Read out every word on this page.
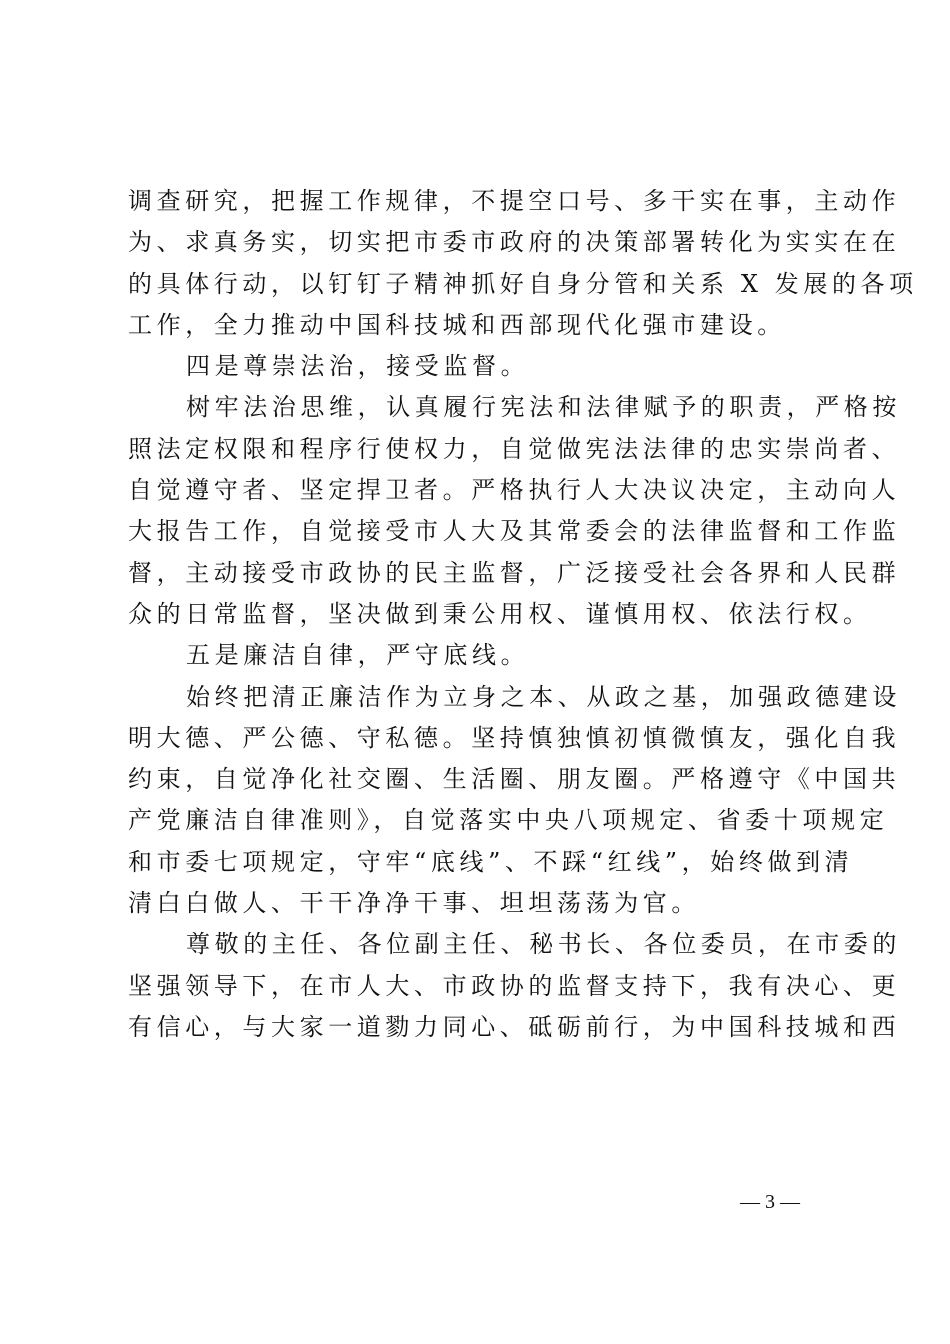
调查研究，把握工作规律，不提空口号、多干实在事，主动作
为、求真务实，切实把市委市政府的决策部署转化为实实在在
的具体行动，以钉钉子精神抓好自身分管和关系 X 发展的各项
工作，全力推动中国科技城和西部现代化强市建设。
四是尊崇法治，接受监督。
树牢法治思维，认真履行宪法和法律赋予的职责，严格按
照法定权限和程序行使权力，自觉做宪法法律的忠实崇尚者、
自觉遵守者、坚定捍卫者。严格执行人大决议决定，主动向人
大报告工作，自觉接受市人大及其常委会的法律监督和工作监
督，主动接受市政协的民主监督，广泛接受社会各界和人民群
众的日常监督，坚决做到秉公用权、谨慎用权、依法行权。
五是廉洁自律，严守底线。
始终把清正廉洁作为立身之本、从政之基，加强政德建设
明大德、严公德、守私德。坚持慎独慎初慎微慎友，强化自我
约束，自觉净化社交圈、生活圈、朋友圈。严格遵守《中国共
产党廉洁自律准则》，自觉落实中央八项规定、省委十项规定
和市委七项规定，守牢“底线”、不踩“红线”，始终做到清
清白白做人、干干净净干事、坦坦荡荡为官。
尊敬的主任、各位副主任、秘书长、各位委员，在市委的
坚强领导下，在市人大、市政协的监督支持下，我有决心、更
有信心，与大家一道勠力同心、砥砺前行，为中国科技城和西
— 3 —
